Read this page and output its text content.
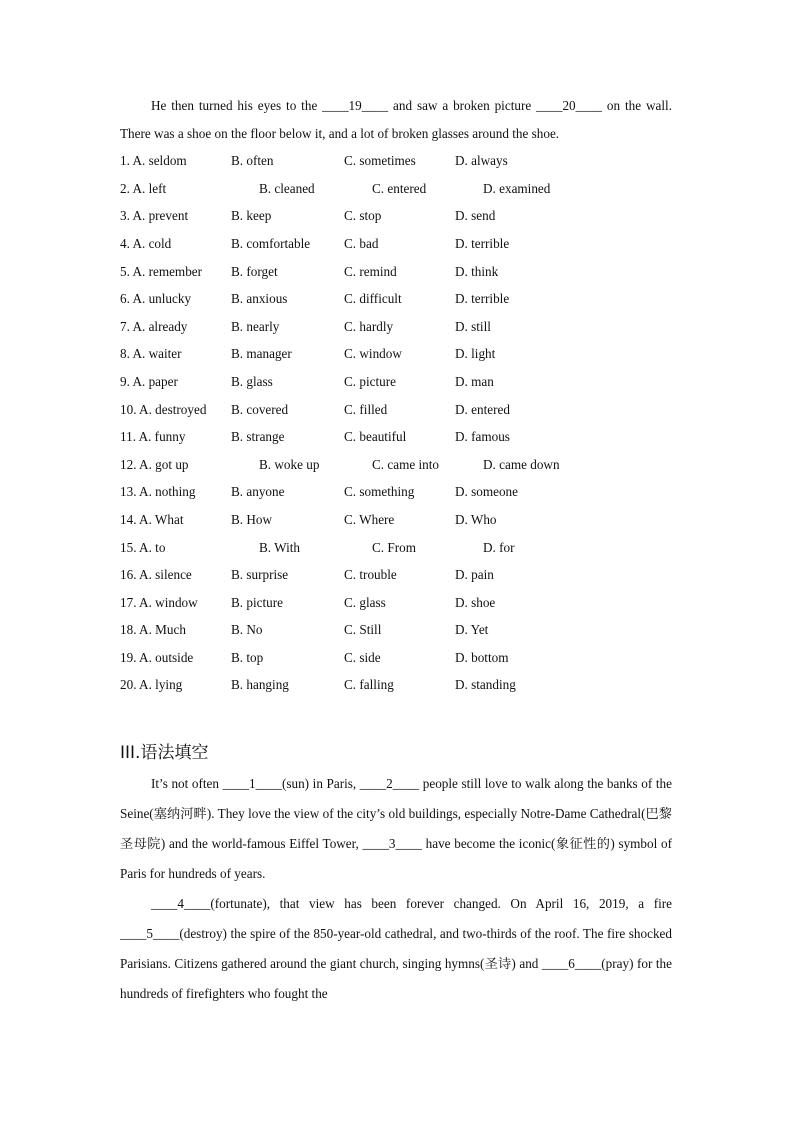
He then turned his eyes to the ____19____ and saw a broken picture ____20____ on the wall. There was a shoe on the floor below it, and a lot of broken glasses around the shoe.

1. A. seldom	B. often	C. sometimes	D. always
2. A. left	B. cleaned	C. entered	D. examined
3. A. prevent	B. keep	C. stop	D. send
4. A. cold	B. comfortable	C. bad	D. terrible
5. A. remember B. forget	C. remind	D. think
6. A. unlucky	B. anxious	C. difficult	D. terrible
7. A. already	B. nearly	C. hardly	D. still
8. A. waiter	B. manager	C. window	D. light
9. A. paper	B. glass	C. picture	D. man
10. A. destroyed B. covered	C. filled	D. entered
11. A. funny	B. strange	C. beautiful	D. famous
12. A. got up	B. woke up	C. came into	D. came down
13. A. nothing	B. anyone	C. something	D. someone
14. A. What	B. How	C. Where	D. Who
15. A. to	B. With	C. From	D. for
16. A. silence	B. surprise	C. trouble	D. pain
17. A. window	B. picture	C. glass	D. shoe
18. A. Much	B. No	C. Still	D. Yet
19. A. outside	B. top	C. side	D. bottom
20. A. lying	B. hanging	C. falling	D. standing
III.语法填空

It’s not often ____1____(sun) in Paris, ____2____ people still love to walk along the banks of the Seine(塞纳河畔). They love the view of the city’s old buildings, especially Notre-Dame Cathedral(巴黎圣母院) and the world-famous Eiffel Tower, ____3____ have become the iconic(象征性的) symbol of Paris for hundreds of years.

____4____(fortunate), that view has been forever changed. On April 16, 2019, a fire ____5____(destroy) the spire of the 850-year-old cathedral, and two-thirds of the roof. The fire shocked Parisians. Citizens gathered around the giant church, singing hymns(圣诗) and ____6____(pray) for the hundreds of firefighters who fought the
